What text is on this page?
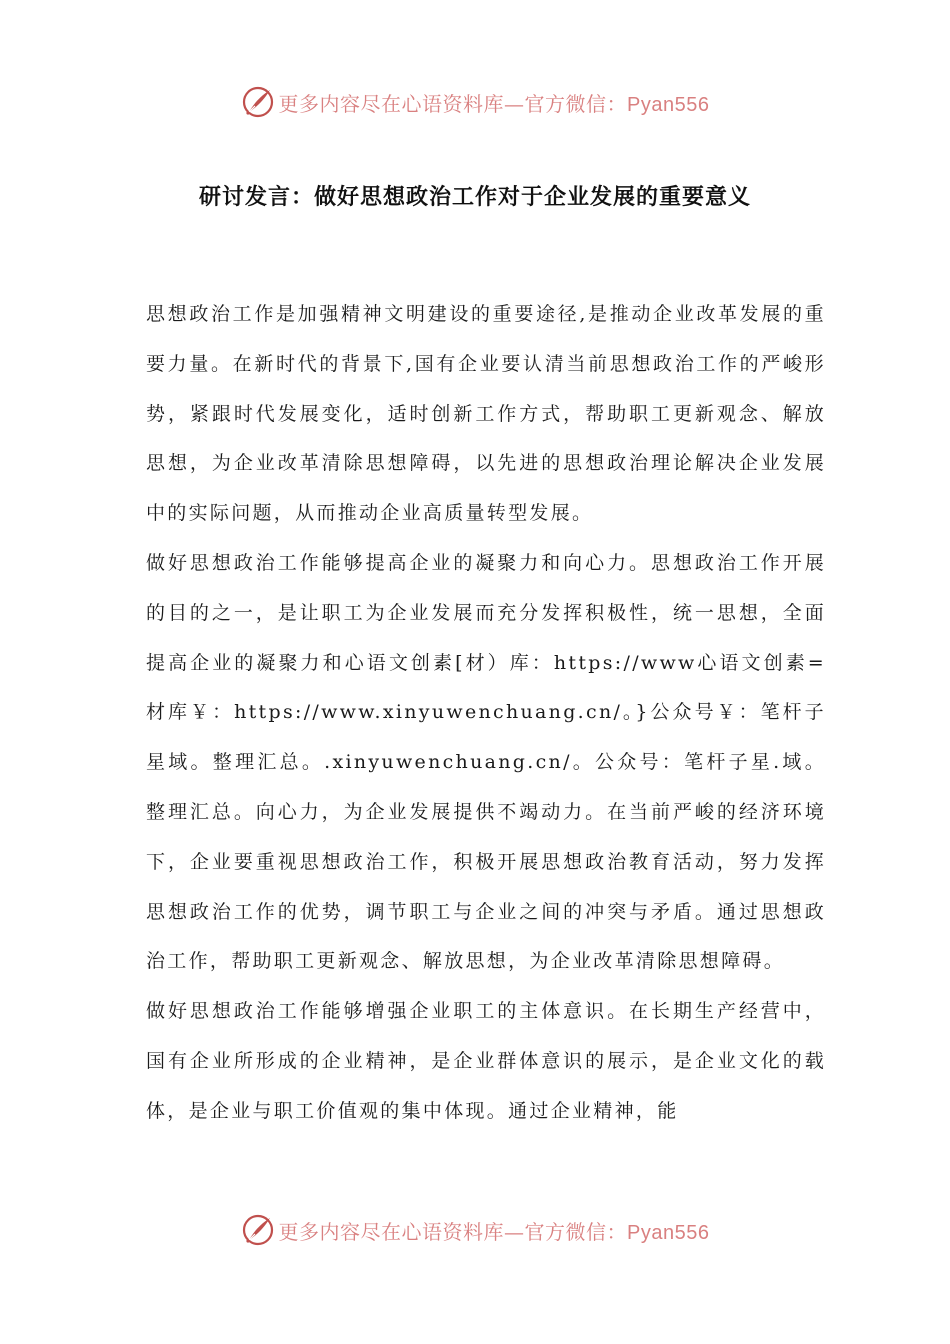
更多内容尽在心语资料库—官方微信：Pyan556
研讨发言：做好思想政治工作对于企业发展的重要意义

思想政治工作是加强精神文明建设的重要途径,是推动企业改革发展的重要力量。在新时代的背景下,国有企业要认清当前思想政治工作的严峻形势，紧跟时代发展变化，适时创新工作方式，帮助职工更新观念、解放思想，为企业改革清除思想障碍，以先进的思想政治理论解决企业发展中的实际问题，从而推动企业高质量转型发展。

做好思想政治工作能够提高企业的凝聚力和向心力。思想政治工作开展的目的之一，是让职工为企业发展而充分发挥积极性，统一思想，全面提高企业的凝聚力和心语文创素[材）库：https://www心语文创素=材库￥：https://www.xinyuwenchuang.cn/。}公众号￥：笔杆子星域。整理汇总。.xinyuwenchuang.cn/。公众号：笔杆子星.域。整理汇总。向心力，为企业发展提供不竭动力。在当前严峻的经济环境下，企业要重视思想政治工作，积极开展思想政治教育活动，努力发挥思想政治工作的优势，调节职工与企业之间的冲突与矛盾。通过思想政治工作，帮助职工更新观念、解放思想，为企业改革清除思想障碍。

做好思想政治工作能够增强企业职工的主体意识。在长期生产经营中，国有企业所形成的企业精神，是企业群体意识的展示，是企业文化的载体，是企业与职工价值观的集中体现。通过企业精神，能

更多内容尽在心语资料库—官方微信：Pyan556
